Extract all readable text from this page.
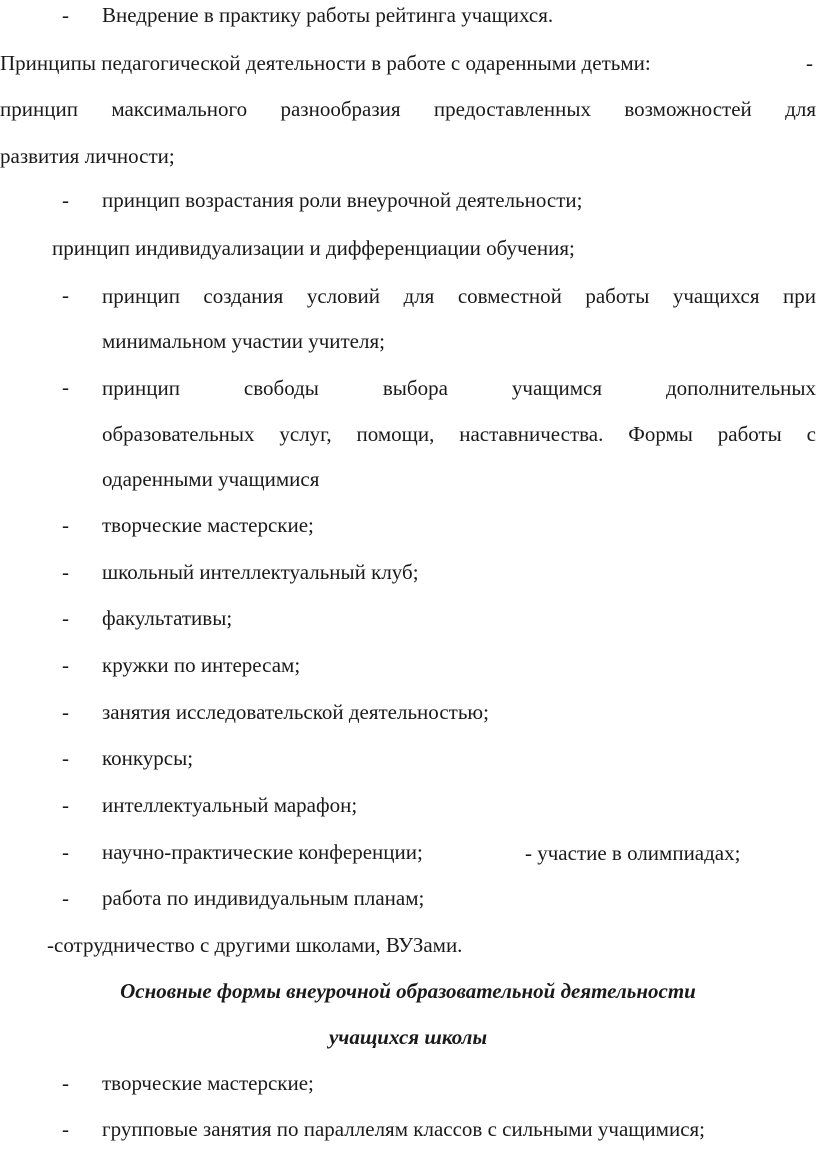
- Внедрение в практику работы рейтинга учащихся.
Принципы педагогической деятельности в работе с одаренными детьми:	-
принцип максимального разнообразия предоставленных возможностей для
развития личности;
- принцип возрастания роли внеурочной деятельности;
принцип индивидуализации и дифференциации обучения;
- принцип создания условий для совместной работы учащихся при
минимальном участии учителя;
- принцип свободы выбора учащимся дополнительных
образовательных услуг, помощи, наставничества. Формы работы с
одаренными учащимися
- творческие мастерские;
- школьный интеллектуальный клуб;
- факультативы;
- кружки по интересам;
- занятия исследовательской деятельностью;
- конкурсы;
- интеллектуальный марафон;
- научно-практические конференции;	- участие в олимпиадах;
- работа по индивидуальным планам;
-сотрудничество с другими школами, ВУЗами.
Основные формы внеурочной образовательной деятельности
учащихся школы
- творческие мастерские;
- групповые занятия по параллелям классов с сильными учащимися;
